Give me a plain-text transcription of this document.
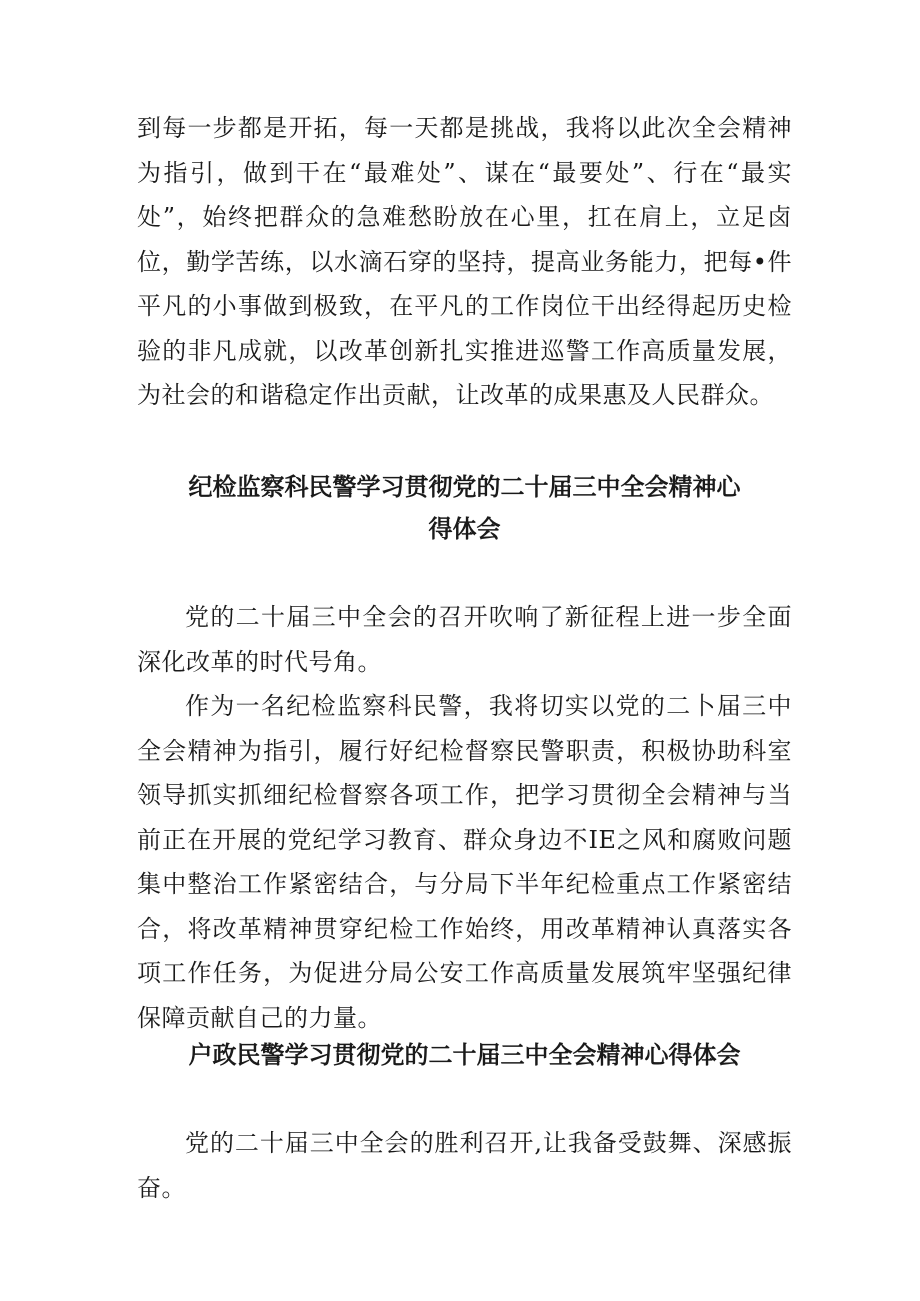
到每一步都是开拓，每一天都是挑战，我将以此次全会精神为指引，做到干在“最难处”、谋在“最要处”、行在“最实处”，始终把群众的急难愁盼放在心里，扛在肩上，立足卤位，勤学苦练，以水滴石穿的坚持，提高业务能力，把每•件平凡的小事做到极致，在平凡的工作岗位干出经得起历史检验的非凡成就，以改革创新扎实推进巡警工作高质量发展，为社会的和谐稳定作出贡献，让改革的成果惠及人民群众。

纪检监察科民警学习贯彻党的二十届三中全会精神心
得体会

党的二十届三中全会的召开吹响了新征程上进一步全面深化改革的时代号角。

作为一名纪检监察科民警，我将切实以党的二卜届三中全会精神为指引，履行好纪检督察民警职责，积极协助科室领导抓实抓细纪检督察各项工作，把学习贯彻全会精神与当前正在开展的党纪学习教育、群众身边不IE之风和腐败问题集中整治工作紧密结合，与分局下半年纪检重点工作紧密结合，将改革精神贯穿纪检工作始终，用改革精神认真落实各项工作任务，为促进分局公安工作高质量发展筑牢坚强纪律保障贡献自己的力量。

户政民警学习贯彻党的二十届三中全会精神心得体会

党的二十届三中全会的胜利召开,让我备受鼓舞、深感振奋。
